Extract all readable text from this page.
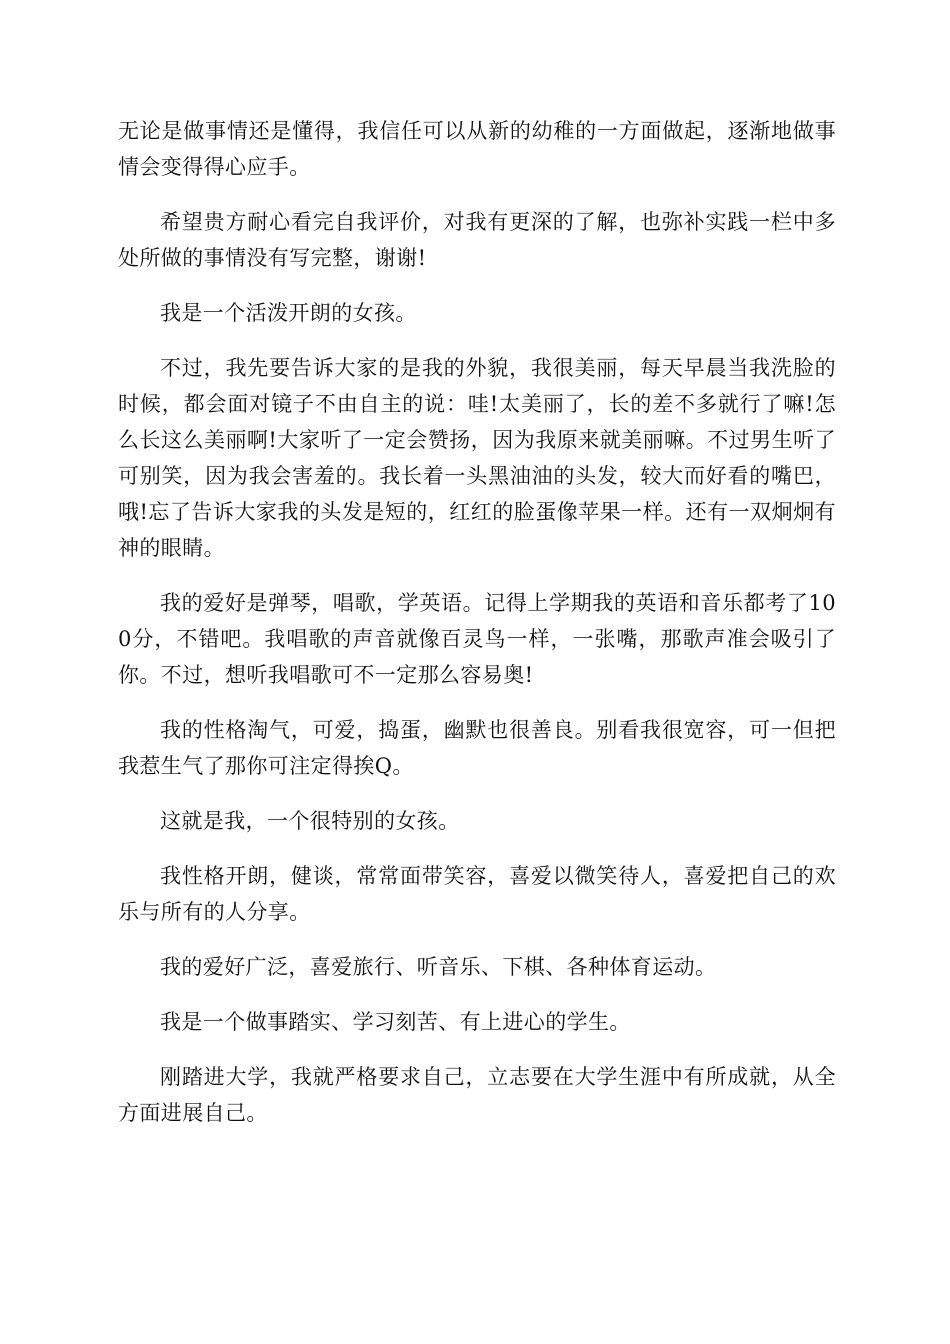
无论是做事情还是懂得，我信任可以从新的幼稚的一方面做起，逐渐地做事情会变得得心应手。

希望贵方耐心看完自我评价，对我有更深的了解，也弥补实践一栏中多处所做的事情没有写完整，谢谢!

我是一个活泼开朗的女孩。

不过，我先要告诉大家的是我的外貌，我很美丽，每天早晨当我洗脸的时候，都会面对镜子不由自主的说：哇!太美丽了，长的差不多就行了嘛!怎么长这么美丽啊!大家听了一定会赞扬，因为我原来就美丽嘛。不过男生听了可别笑，因为我会害羞的。我长着一头黑油油的头发，较大而好看的嘴巴，哦!忘了告诉大家我的头发是短的，红红的脸蛋像苹果一样。还有一双炯炯有神的眼睛。

我的爱好是弹琴，唱歌，学英语。记得上学期我的英语和音乐都考了100分，不错吧。我唱歌的声音就像百灵鸟一样，一张嘴，那歌声准会吸引了你。不过，想听我唱歌可不一定那么容易奥!

我的性格淘气，可爱，捣蛋，幽默也很善良。别看我很宽容，可一但把我惹生气了那你可注定得挨Q。

这就是我，一个很特别的女孩。

我性格开朗，健谈，常常面带笑容，喜爱以微笑待人，喜爱把自己的欢乐与所有的人分享。

我的爱好广泛，喜爱旅行、听音乐、下棋、各种体育运动。

我是一个做事踏实、学习刻苦、有上进心的学生。

刚踏进大学，我就严格要求自己，立志要在大学生涯中有所成就，从全方面进展自己。
